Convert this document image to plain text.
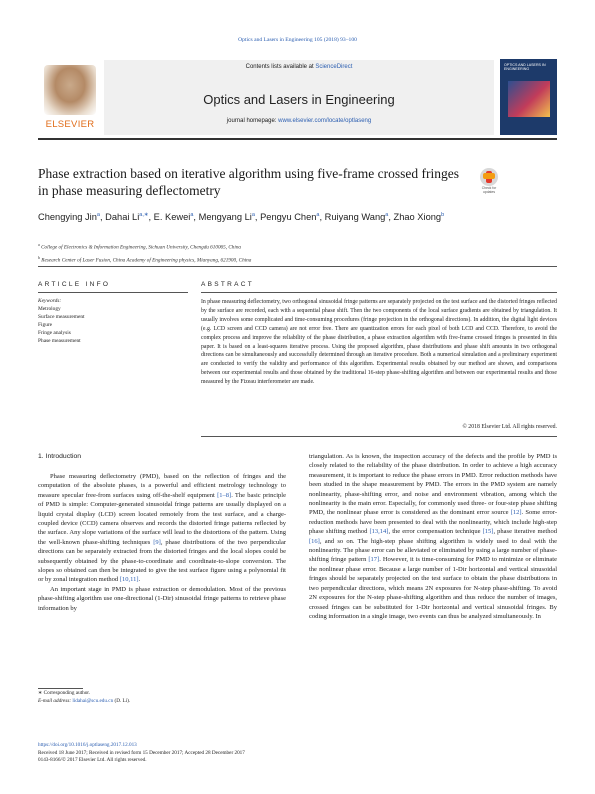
Optics and Lasers in Engineering 105 (2018) 93–100
ELSEVIER
Contents lists available at ScienceDirect
Optics and Lasers in Engineering
journal homepage: www.elsevier.com/locate/optlaseng
OPTICS AND LASERS IN ENGINEERING
Phase extraction based on iterative algorithm using five-frame crossed fringes in phase measuring deflectometry	Check for updates
Chengying Jin$^a$, Dahai $Li^{a,∗}$, E. Kewei$^a$, Mengyang Li$^a$, Pengyu Chen$^a$, Ruiyang Wang$^a$, Zhao Xiong$^b$
$^a$ College of Electronics & Information Engineering, Sichuan University, Chengdu 610065, China
$^b$ Research Center of Laser Fusion, China Academy of Engineering physics, Mianyang, 621900, China
ARTICLE INFO	ABSTRACT
Keywords:
Metrology
Surface measurement
Figure
Fringe analysis
Phase measurement
In phase measuring deflectometry, two orthogonal sinusoidal fringe patterns are separately projected on the test surface and the distorted fringes reflected by the surface are recorded, each with a sequential phase shift. Then the two components of the local surface gradients are obtained by triangulation. It usually involves some complicated and time-consuming procedures (fringe projection in the orthogonal directions). In addition, the digital light devices (e.g. LCD screen and CCD camera) are not error free. There are quantization errors for each pixel of both LCD and CCD. Therefore, to avoid the complex process and improve the reliability of the phase distribution, a phase extraction algorithm with five-frame crossed fringes is presented in this paper. It is based on a least-squares iterative process. Using the proposed algorithm, phase distributions and phase shift amounts in two orthogonal directions can be simultaneously and successfully determined through an iterative procedure. Both a numerical simulation and a preliminary experiment are conducted to verify the validity and performance of this algorithm. Experimental results obtained by our method are shown, and comparisons between our experimental results and those obtained by the traditional 16-step phase-shifting algorithm and between our experimental results and those measured by the Fizeau interferometer are made.
© 2018 Elsevier Ltd. All rights reserved.
1. Introduction

Phase measuring deflectometry (PMD), based on the reflection of fringes and the computation of the absolute phases, is a powerful and efficient metrology technology to measure specular free-from surfaces using off-the-shelf equipment [1–8]. The basic principle of PMD is simple: Computer-generated sinusoidal fringe patterns are usually displayed on a liquid crystal display (LCD) screen located remotely from the test surface, and a charge-coupled device (CCD) camera observes and records the distorted fringe patterns reflected by the surface. Any slope variations of the surface will lead to the distortions of the pattern. Using the well-known phase-shifting techniques [9], phase distributions of the two perpendicular directions can be separately extracted from the distorted fringes and the local slopes could be subsequently obtained by the phase-to-coordinate and coordinate-to-slope conversion. The slopes so obtained can then be integrated to give the test surface figure using a polynomial fit or by zonal integration method [10,11].

An important stage in PMD is phase extraction or demodulation. Most of the previous phase-shifting algorithm use one-directional (1-Dir) sinusoidal fringe patterns to retrieve phase information by

triangulation. As is known, the inspection accuracy of the defects and the profile by PMD is closely related to the reliability of the phase distribution. In order to achieve a high accuracy measurement, it is important to reduce the phase errors in PMD. Error reduction methods have been studied in the shape measurement by PMD. The errors in the PMD system are namely nonlinearity, phase-shifting error, and noise and environment vibration, among which the nonlinearity is the main error. Especially, for commonly used three- or four-step phase shifting PMD, the nonlinear phase error is considered as the dominant error source [12]. Some error-reduction methods have been presented to deal with the nonlinearity, which include high-step phase shifting method [13,14], the error compensation technique [15], phase iterative method [16], and so on. The high-step phase shifting algorithm is widely used to deal with the nonlinearity. The phase error can be alleviated or eliminated by using a large number of phase-shifting fringe pattern [17]. However, it is time-consuming for PMD to minimize or eliminate the nonlinear phase error. Because a large number of 1-Dir horizontal and vertical sinusoidal fringes should be separately projected on the test surface to obtain the phase distributions in two perpendicular directions, which means 2N exposures for N-step phase-shifting. To avoid 2N exposures for the N-step phase-shifting algorithm and thus reduce the number of images, crossed fringes can be substituted for 1-Dir horizontal and vertical sinusoidal fringes. By coding information in a single image, two events can thus be analyzed simultaneously. In

∗ Corresponding author.
E-mail address: lidahai@scu.edu.cn (D. Li).
https://doi.org/10.1016/j.optlaseng.2017.12.013
Received 18 June 2017; Received in revised form 15 December 2017; Accepted 28 December 2017
0143-8166/© 2017 Elsevier Ltd. All rights reserved.
